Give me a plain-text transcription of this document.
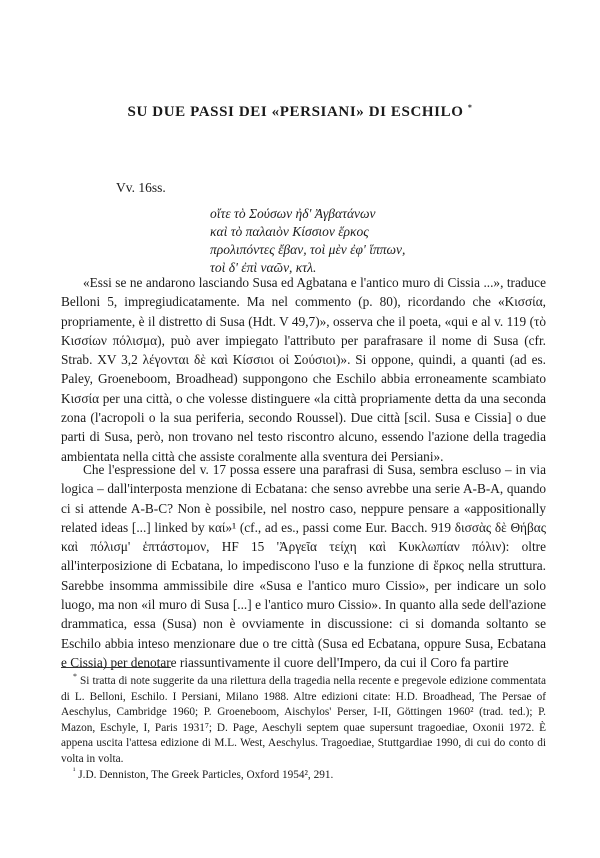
SU DUE PASSI DEI «PERSIANI» DI ESCHILO *
Vv. 16ss.
οἴτε τὸ Σούσων ἠδ' Ἀγβατάνων
καὶ τὸ παλαιὸν Κίσσιον ἕρκος
προλιπόντες ἔβαν, τοὶ μὲν ἐφ' ἵππων,
τοὶ δ' ἐπὶ ναῶν, κτλ.

«Essi se ne andarono lasciando Susa ed Agbatana e l'antico muro di Cissia ...», traduce Belloni 5, impregiudicatamente. Ma nel commento (p. 80), ricordando che «Κισσία, propriamente, è il distretto di Susa (Hdt. V 49,7)», osserva che il poeta, «qui e al v. 119 (τὸ Κισσίων πόλισμα), può aver impiegato l'attributo per parafrasare il nome di Susa (cfr. Strab. XV 3,2 λέγονται δὲ καὶ Κίσσιοι οἱ Σούσιοι)». Si oppone, quindi, a quanti (ad es. Paley, Groeneboom, Broadhead) suppongono che Eschilo abbia erroneamente scambiato Κισσία per una città, o che volesse distinguere «la città propriamente detta da una seconda zona (l'acropoli o la sua periferia, secondo Roussel). Due città [scil. Susa e Cissia] o due parti di Susa, però, non trovano nel testo riscontro alcuno, essendo l'azione della tragedia ambientata nella città che assiste coralmente alla sventura dei Persiani».

Che l'espressione del v. 17 possa essere una parafrasi di Susa, sembra escluso – in via logica – dall'interposta menzione di Ecbatana: che senso avrebbe una serie A-B-A, quando ci si attende A-B-C? Non è possibile, nel nostro caso, neppure pensare a «appositionally related ideas [...] linked by καί»¹ (cf., ad es., passi come Eur. Bacch. 919 δισσὰς δὲ Θήβας καὶ πόλισμ' ἑπτάστομον, HF 15 'Ἀργεῖα τείχη καὶ Κυκλωπίαν πόλιν): oltre all'interposizione di Ecbatana, lo impediscono l'uso e la funzione di ἕρκος nella struttura. Sarebbe insomma ammissibile dire «Susa e l'antico muro Cissio», per indicare un solo luogo, ma non «il muro di Susa [...] e l'antico muro Cissio». In quanto alla sede dell'azione drammatica, essa (Susa) non è ovviamente in discussione: ci si domanda soltanto se Eschilo abbia inteso menzionare due o tre città (Susa ed Ecbatana, oppure Susa, Ecbatana e Cissia) per denotare riassuntivamente il cuore dell'Impero, da cui il Coro fa partire

* Si tratta di note suggerite da una rilettura della tragedia nella recente e pregevole edizione commentata di L. Belloni, Eschilo. I Persiani, Milano 1988. Altre edizioni citate: H.D. Broadhead, The Persae of Aeschylus, Cambridge 1960; P. Groeneboom, Aischylos' Perser, I-II, Göttingen 1960² (trad. ted.); P. Mazon, Eschyle, I, Paris 1931⁷; D. Page, Aeschyli septem quae supersunt tragoediae, Oxonii 1972. È appena uscita l'attesa edizione di M.L. West, Aeschylus. Tragoediae, Stuttgardiae 1990, di cui do conto di volta in volta.

$^{^1}$ J.D. Denniston, The Greek Particles, Oxford 1954², 291.
